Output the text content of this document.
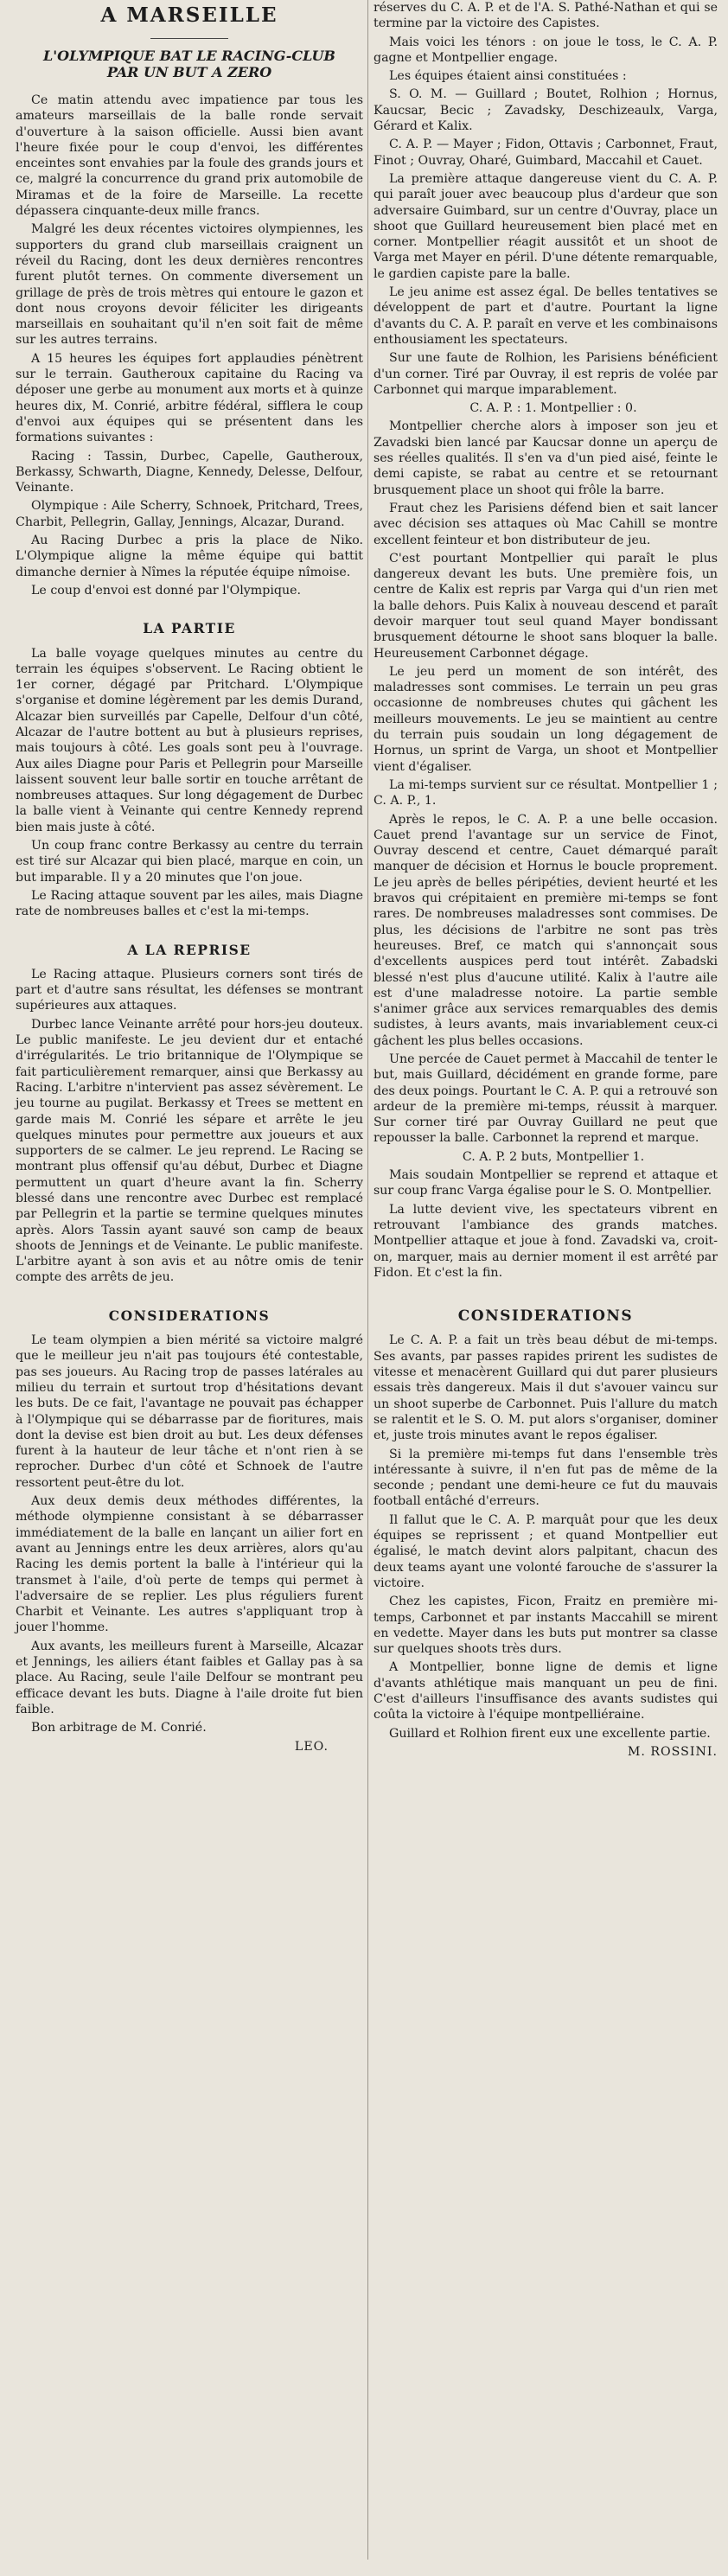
A MARSEILLE
L'OLYMPIQUE BAT LE RACING-CLUB PAR UN BUT A ZERO

Ce matin attendu avec impatience par tous les amateurs marseillais de la balle ronde servait d'ouverture à la saison officielle. Aussi bien avant l'heure fixée pour le coup d'envoi, les différentes enceintes sont envahies par la foule des grands jours et ce, malgré la concurrence du grand prix automobile de Miramas et de la foire de Marseille. La recette dépassera cinquante-deux mille francs.

Malgré les deux récentes victoires olympiennes, les supporters du grand club marseillais craignent un réveil du Racing, dont les deux dernières rencontres furent plutôt ternes. On commente diversement un grillage de près de trois mètres qui entoure le gazon et dont nous croyons devoir féliciter les dirigeants marseillais en souhaitant qu'il n'en soit fait de même sur les autres terrains.

A 15 heures les équipes fort applaudies pénètrent sur le terrain. Gautheroux capitaine du Racing va déposer une gerbe au monument aux morts et à quinze heures dix, M. Conrié, arbitre fédéral, sifflera le coup d'envoi aux équipes qui se présentent dans les formations suivantes :

Racing : Tassin, Durbec, Capelle, Gautheroux, Berkassy, Schwarth, Diagne, Kennedy, Delesse, Delfour, Veinante.

Olympique : Aile Scherry, Schnoek, Pritchard, Trees, Charbit, Pellegrin, Gallay, Jennings, Alcazar, Durand.

Au Racing Durbec a pris la place de Niko. L'Olympique aligne la même équipe qui battit dimanche dernier à Nîmes la réputée équipe nîmoise.

Le coup d'envoi est donné par l'Olympique.

LA PARTIE

La balle voyage quelques minutes au centre du terrain les équipes s'observent. Le Racing obtient le 1er corner, dégagé par Pritchard. L'Olympique s'organise et domine légèrement par les demis Durand, Alcazar bien surveillés par Capelle, Delfour d'un côté, Alcazar de l'autre bottent au but à plusieurs reprises, mais toujours à côté. Les goals sont peu à l'ouvrage. Aux ailes Diagne pour Paris et Pellegrin pour Marseille laissent souvent leur balle sortir en touche arrêtant de nombreuses attaques. Sur long dégagement de Durbec la balle vient à Veinante qui centre Kennedy reprend bien mais juste à côté.

Un coup franc contre Berkassy au centre du terrain est tiré sur Alcazar qui bien placé, marque en coin, un but imparable. Il y a 20 minutes que l'on joue.

Le Racing attaque souvent par les ailes, mais Diagne rate de nombreuses balles et c'est la mi-temps.

A LA REPRISE

Le Racing attaque. Plusieurs corners sont tirés de part et d'autre sans résultat, les défenses se montrant supérieures aux attaques.

Durbec lance Veinante arrêté pour hors-jeu douteux. Le public manifeste. Le jeu devient dur et entaché d'irrégularités. Le trio britannique de l'Olympique se fait particulièrement remarquer, ainsi que Berkassy au Racing. L'arbitre n'intervient pas assez sévèrement. Le jeu tourne au pugilat. Berkassy et Trees se mettent en garde mais M. Conrié les sépare et arrête le jeu quelques minutes pour permettre aux joueurs et aux supporters de se calmer. Le jeu reprend. Le Racing se montrant plus offensif qu'au début, Durbec et Diagne permuttent un quart d'heure avant la fin. Scherry blessé dans une rencontre avec Durbec est remplacé par Pellegrin et la partie se termine quelques minutes après. Alors Tassin ayant sauvé son camp de beaux shoots de Jennings et de Veinante. Le public manifeste. L'arbitre ayant à son avis et au nôtre omis de tenir compte des arrêts de jeu.

CONSIDERATIONS

Le team olympien a bien mérité sa victoire malgré que le meilleur jeu n'ait pas toujours été contestable, pas ses joueurs. Au Racing trop de passes latérales au milieu du terrain et surtout trop d'hésitations devant les buts. De ce fait, l'avantage ne pouvait pas échapper à l'Olympique qui se débarrasse par de fioritures, mais dont la devise est bien droit au but. Les deux défenses furent à la hauteur de leur tâche et n'ont rien à se reprocher. Durbec d'un côté et Schnoek de l'autre ressortent peut-être du lot.

Aux deux demis deux méthodes différentes, la méthode olympienne consistant à se débarrasser immédiatement de la balle en lançant un ailier fort en avant au Jennings entre les deux arrières, alors qu'au Racing les demis portent la balle à l'intérieur qui la transmet à l'aile, d'où perte de temps qui permet à l'adversaire de se replier. Les plus réguliers furent Charbit et Veinante. Les autres s'appliquant trop à jouer l'homme.

Aux avants, les meilleurs furent à Marseille, Alcazar et Jennings, les ailiers étant faibles et Gallay pas à sa place. Au Racing, seule l'aile Delfour se montrant peu efficace devant les buts. Diagne à l'aile droite fut bien faible.

Bon arbitrage de M. Conrié.

LEO.

réserves du C. A. P. et de l'A. S. Pathé-Nathan et qui se termine par la victoire des Capistes.

Mais voici les ténors : on joue le toss, le C. A. P. gagne et Montpellier engage.

Les équipes étaient ainsi constituées :

S. O. M. — Guillard ; Boutet, Rolhion ; Hornus, Kaucsar, Becic ; Zavadsky, Deschizeaulx, Varga, Gérard et Kalix.

C. A. P. — Mayer ; Fidon, Ottavis ; Carbonnet, Fraut, Finot ; Ouvray, Oharé, Guimbard, Maccahil et Cauet.

La première attaque dangereuse vient du C. A. P. qui paraît jouer avec beaucoup plus d'ardeur que son adversaire Guimbard, sur un centre d'Ouvray, place un shoot que Guillard heureusement bien placé met en corner. Montpellier réagit aussitôt et un shoot de Varga met Mayer en péril. D'une détente remarquable, le gardien capiste pare la balle.

Le jeu anime est assez égal. De belles tentatives se développent de part et d'autre. Pourtant la ligne d'avants du C. A. P. paraît en verve et les combinaisons enthousiament les spectateurs.

Sur une faute de Rolhion, les Parisiens bénéficient d'un corner. Tiré par Ouvray, il est repris de volée par Carbonnet qui marque imparablement.

C. A. P. : 1. Montpellier : 0.

Montpellier cherche alors à imposer son jeu et Zavadski bien lancé par Kaucsar donne un aperçu de ses réelles qualités. Il s'en va d'un pied aisé, feinte le demi capiste, se rabat au centre et se retournant brusquement place un shoot qui frôle la barre.

Fraut chez les Parisiens défend bien et sait lancer avec décision ses attaques où Mac Cahill se montre excellent feinteur et bon distributeur de jeu.

C'est pourtant Montpellier qui paraît le plus dangereux devant les buts. Une première fois, un centre de Kalix est repris par Varga qui d'un rien met la balle dehors. Puis Kalix à nouveau descend et paraît devoir marquer tout seul quand Mayer bondissant brusquement détourne le shoot sans bloquer la balle. Heureusement Carbonnet dégage.

Le jeu perd un moment de son intérêt, des maladresses sont commises. Le terrain un peu gras occasionne de nombreuses chutes qui gâchent les meilleurs mouvements. Le jeu se maintient au centre du terrain puis soudain un long dégagement de Hornus, un sprint de Varga, un shoot et Montpellier vient d'égaliser.

La mi-temps survient sur ce résultat. Montpellier 1 ; C. A. P., 1.

Après le repos, le C. A. P. a une belle occasion. Cauet prend l'avantage sur un service de Finot, Ouvray descend et centre, Cauet démarqué paraît manquer de décision et Hornus le boucle proprement. Le jeu après de belles péripéties, devient heurté et les bravos qui crépitaient en première mi-temps se font rares. De nombreuses maladresses sont commises. De plus, les décisions de l'arbitre ne sont pas très heureuses. Bref, ce match qui s'annonçait sous d'excellents auspices perd tout intérêt. Zabadski blessé n'est plus d'aucune utilité. Kalix à l'autre aile est d'une maladresse notoire. La partie semble s'animer grâce aux services remarquables des demis sudistes, à leurs avants, mais invariablement ceux-ci gâchent les plus belles occasions.

Une percée de Cauet permet à Maccahil de tenter le but, mais Guillard, décidément en grande forme, pare des deux poings. Pourtant le C. A. P. qui a retrouvé son ardeur de la première mi-temps, réussit à marquer. Sur corner tiré par Ouvray Guillard ne peut que repousser la balle. Carbonnet la reprend et marque.

C. A. P. 2 buts, Montpellier 1.

Mais soudain Montpellier se reprend et attaque et sur coup franc Varga égalise pour le S. O. Montpellier.

La lutte devient vive, les spectateurs vibrent en retrouvant l'ambiance des grands matches. Montpellier attaque et joue à fond. Zavadski va, croit-on, marquer, mais au dernier moment il est arrêté par Fidon. Et c'est la fin.

CONSIDERATIONS

Le C. A. P. a fait un très beau début de mi-temps. Ses avants, par passes rapides prirent les sudistes de vitesse et menacèrent Guillard qui dut parer plusieurs essais très dangereux. Mais il dut s'avouer vaincu sur un shoot superbe de Carbonnet. Puis l'allure du match se ralentit et le S. O. M. put alors s'organiser, dominer et, juste trois minutes avant le repos égaliser.

Si la première mi-temps fut dans l'ensemble très intéressante à suivre, il n'en fut pas de même de la seconde ; pendant une demi-heure ce fut du mauvais football entâché d'erreurs.

Il fallut que le C. A. P. marquât pour que les deux équipes se reprissent ; et quand Montpellier eut égalisé, le match devint alors palpitant, chacun des deux teams ayant une volonté farouche de s'assurer la victoire.

Chez les capistes, Ficon, Fraitz en première mi-temps, Carbonnet et par instants Maccahill se mirent en vedette. Mayer dans les buts put montrer sa classe sur quelques shoots très durs.

A Montpellier, bonne ligne de demis et ligne d'avants athlétique mais manquant un peu de fini. C'est d'ailleurs l'insuffisance des avants sudistes qui coûta la victoire à l'équipe montpelliéraine.

Guillard et Rolhion firent eux une excellente partie.

M. ROSSINI.
